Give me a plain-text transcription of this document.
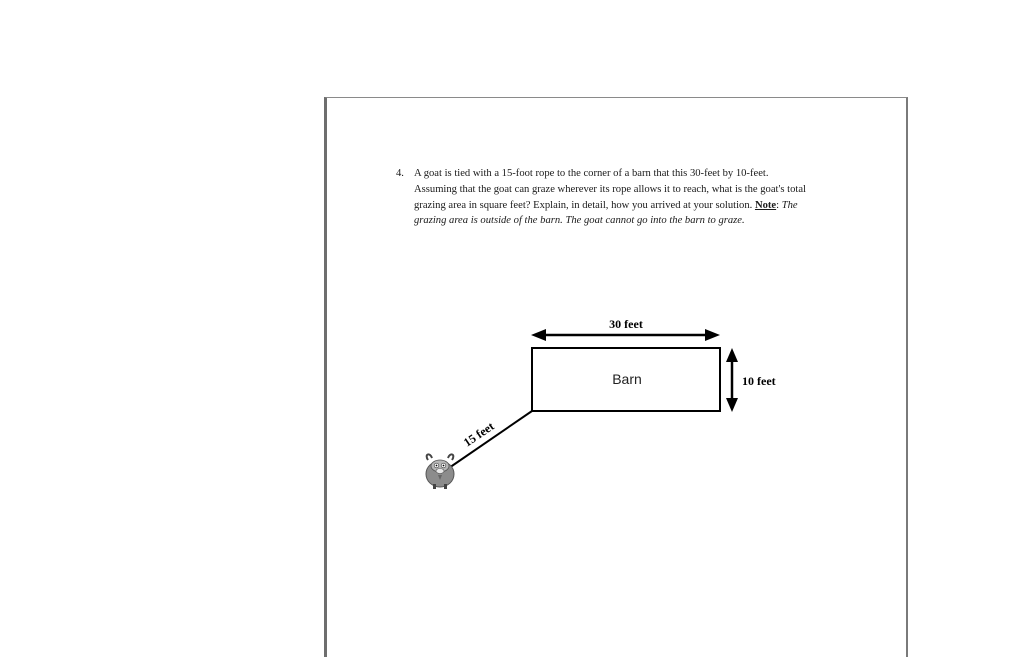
4. A goat is tied with a 15-foot rope to the corner of a barn that this 30-feet by 10-feet.
Assuming that the goat can graze wherever its rope allows it to reach, what is the goat's total
grazing area in square feet? Explain, in detail, how you arrived at your solution. Note: The
grazing area is outside of the barn. The goat cannot go into the barn to graze.
30 feet
Barn	10 feet
15 feet
